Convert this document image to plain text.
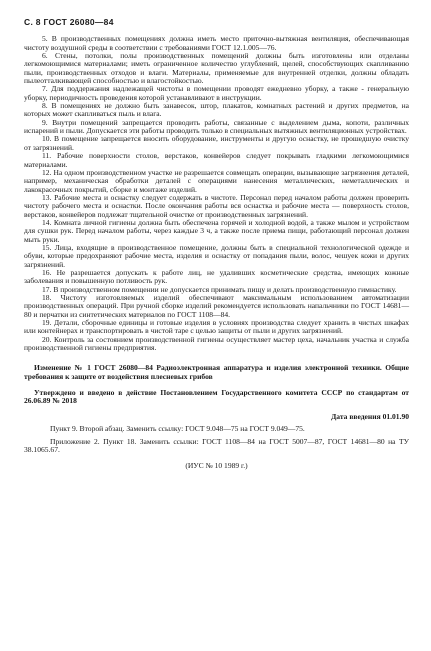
С. 8 ГОСТ 26080—84

5. В производственных помещениях должна иметь место приточно-вытяжная вентиляция, обеспечивающая чистоту воздушной среды в соответствии с требованиями ГОСТ 12.1.005—76.

6. Стены, потолки, полы производственных помещений должны быть изготовлены или отделаны легкомоющимися материалами; иметь ограниченное количество углублений, щелей, способствующих скапливанию пыли, производственных отходов и влаги. Материалы, применяемые для внутренней отделки, должны обладать пылеотталкивающей способностью и влагостойкостью.

7. Для поддержания надлежащей чистоты в помещении проводят ежедневно уборку, а также - генеральную уборку, периодичность проведения которой устанавливают в инструкции.

8. В помещениях не должно быть занавесок, штор, плакатов, комнатных растений и других предметов, на которых может скапливаться пыль и влага.

9. Внутри помещений запрещается проводить работы, связанные с выделением дыма, копоти, различных испарений и пыли. Допускается эти работы проводить только в специальных вытяжных вентиляционных устройствах.

10. В помещение запрещается вносить оборудование, инструменты и другую оснастку, не прошедшую очистку от загрязнений.

11. Рабочие поверхности столов, верстаков, конвейеров следует покрывать гладкими легкомоющимися материалами.

12. На одном производственном участке не разрешается совмещать операции, вызывающие загрязнения деталей, например, механическая обработки деталей с операциями нанесения металлических, неметаллических и лакокрасочных покрытий, сборке и монтаже изделий.

13. Рабочие места и оснастку следует содержать в чистоте. Персонал перед началом работы должен проверить чистоту рабочего места и оснастки. После окончания работы вся оснастка и рабочие места — поверхность столов, верстаков, конвейеров подлежат тщательной очистке от производственных загрязнений.

14. Комната личной гигиены должна быть обеспечена горячей и холодной водой, а также мылом и устройством для сушки рук. Перед началом работы, через каждые 3 ч, а также после приема пищи, работающий персонал должен мыть руки.

15. Лица, входящие в производственное помещение, должны быть в специальной технологической одежде и обуви, которые предохраняют рабочие места, изделия и оснастку от попадания пыли, волос, чешуек кожи и других загрязнений.

16. Не разрешается допускать к работе лиц, не удаливших косметические средства, имеющих кожные заболевания и повышенную потливость рук.

17. В производственном помещении не допускается принимать пищу и делать производственную гимнастику.

18. Чистоту изготовляемых изделий обеспечивают максимальным использованием автоматизации производственных операций. При ручной сборке изделий рекомендуется использовать напальчники по ГОСТ 14681—80 и перчатки из синтетических материалов по ГОСТ 1108—84.

19. Детали, сборочные единицы и готовые изделия в условиях производства следует хранить в чистых шкафах или контейнерах и транспортировать в чистой таре с целью защиты от пыли и других загрязнений.

20. Контроль за состоянием производственной гигиены осуществляет мастер цеха, начальник участка и служба производственной гигиены предприятия.

Изменение № 1 ГОСТ 26080—84 Радиоэлектронная аппаратура и изделия электронной техники. Общие требования к защите от воздействия плесневых грибов

Утверждено и введено в действие Постановлением Государственного комитета СССР по стандартам от 26.06.89 № 2018

Дата введения 01.01.90

Пункт 9. Второй абзац. Заменить ссылку: ГОСТ 9.048—75 на ГОСТ 9.049—75.

Приложение 2. Пункт 18. Заменить ссылки: ГОСТ 1108—84 на ГОСТ 5007—87, ГОСТ 14681—80 на ТУ 38.1065.67.

(ИУС № 10 1989 г.)
